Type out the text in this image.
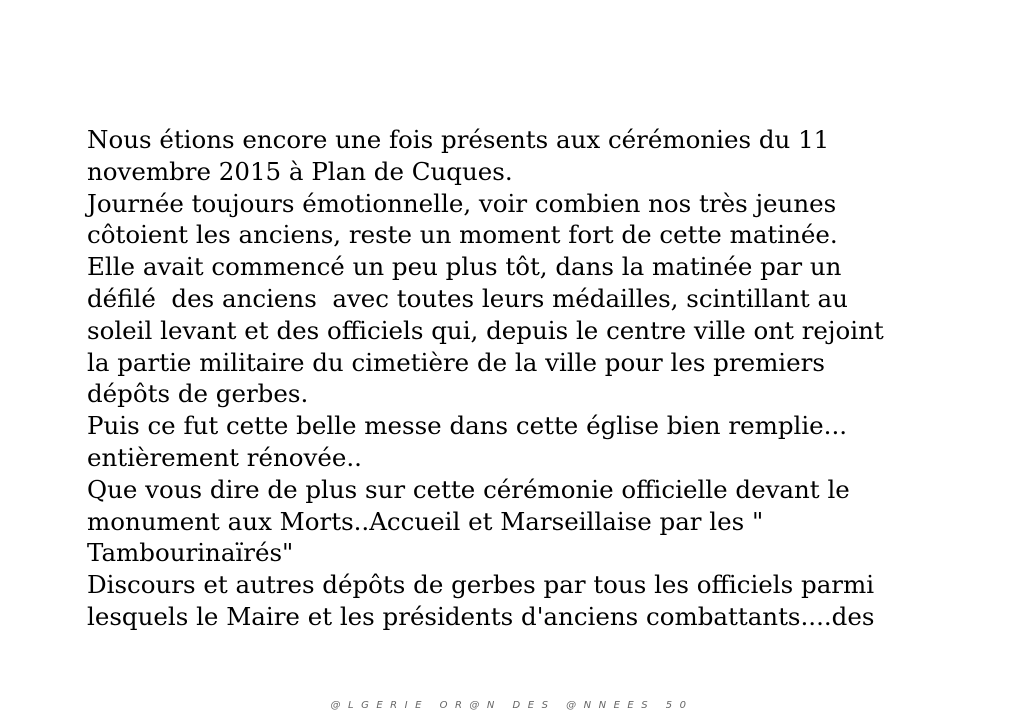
Nous étions encore une fois présents aux cérémonies du 11
novembre 2015 à Plan de Cuques.
Journée toujours émotionnelle, voir combien nos très jeunes
côtoient les anciens, reste un moment fort de cette matinée.
Elle avait commencé un peu plus tôt, dans la matinée par un
défilé  des anciens  avec toutes leurs médailles, scintillant au
soleil levant et des officiels qui, depuis le centre ville ont rejoint
la partie militaire du cimetière de la ville pour les premiers
dépôts de gerbes.
Puis ce fut cette belle messe dans cette église bien remplie...
entièrement rénovée..
Que vous dire de plus sur cette cérémonie officielle devant le
monument aux Morts..Accueil et Marseillaise par les "
Tambourinaïrés"
Discours et autres dépôts de gerbes par tous les officiels parmi
lesquels le Maire et les présidents d'anciens combattants....des
@LGERIE OR@N DES @NNEES 50
